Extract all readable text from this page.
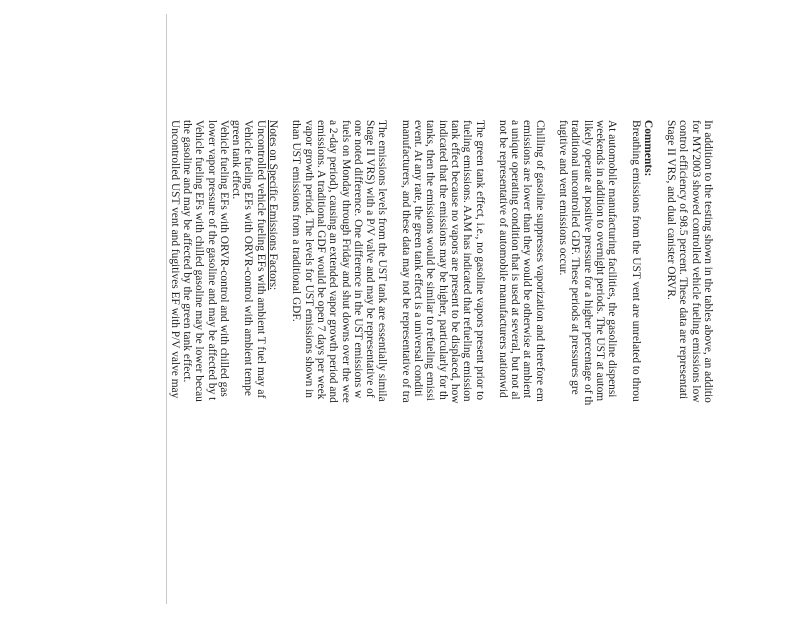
In addition to the testing shown in the tables above, an additio
for MY2003 showed controlled vehicle fueling emissions low
control efficiency of 98.5 percent. These data are representati
Stage II VRS, and dual canister ORVR.
Comments:
Breathing emissions from the UST vent are unrelated to throu
At automobile manufacturing facilities, the gasoline dispensi
weekends in addition to overnight periods. The UST at autom
likely operate at positive pressure for a higher percentage of th
traditional uncontrolled GDF. These periods at pressures gre
fugitive and vent emissions occur.
Chilling of gasoline suppresses vaporization and therefore em
emissions are lower than they would be otherwise at ambient
a unique operating condition that is used at several, but not al
not be representative of automobile manufacturers nationwid
The green tank effect, i.e., no gasoline vapors present prior to
fueling emissions. AAM has indicated that refueling emission
tank effect because no vapors are present to be displaced, how
indicated that the emissions may be higher, particularly for th
tanks, then the emissions would be similar to refueling emissi
event. At any rate, the green tank effect is a universal conditi
manufacturers, and these data may not be representative of tra
The emissions levels from the UST tank are essentially simila
Stage II VRS) with a P/V valve and may be representative of
one noted difference. One difference in the UST emissions w
fuels on Monday through Friday and shut downs over the wee
a 2-day period), causing an extended vapor growth period and
emissions. A traditional GDF would be open 7 days per week
vapor growth period. The levels for UST emissions shown in
than UST emissions from a traditional GDF.
Notes on Specific Emissions Factors:
Uncontrolled vehicle fueling EFs with ambient T fuel may af
Vehicle fueling EFs with ORVR-control with ambient tempe
green tank effect.
Vehicle fueling EFs with ORVR-control and with chilled gas
lower vapor pressure of the gasoline and may be affected by t
Vehicle fueling EFs with chilled gasoline may be lower becau
the gasoline and may be affected by the green tank effect.
Uncontrolled UST vent and fugitives EF with P/V valve may
